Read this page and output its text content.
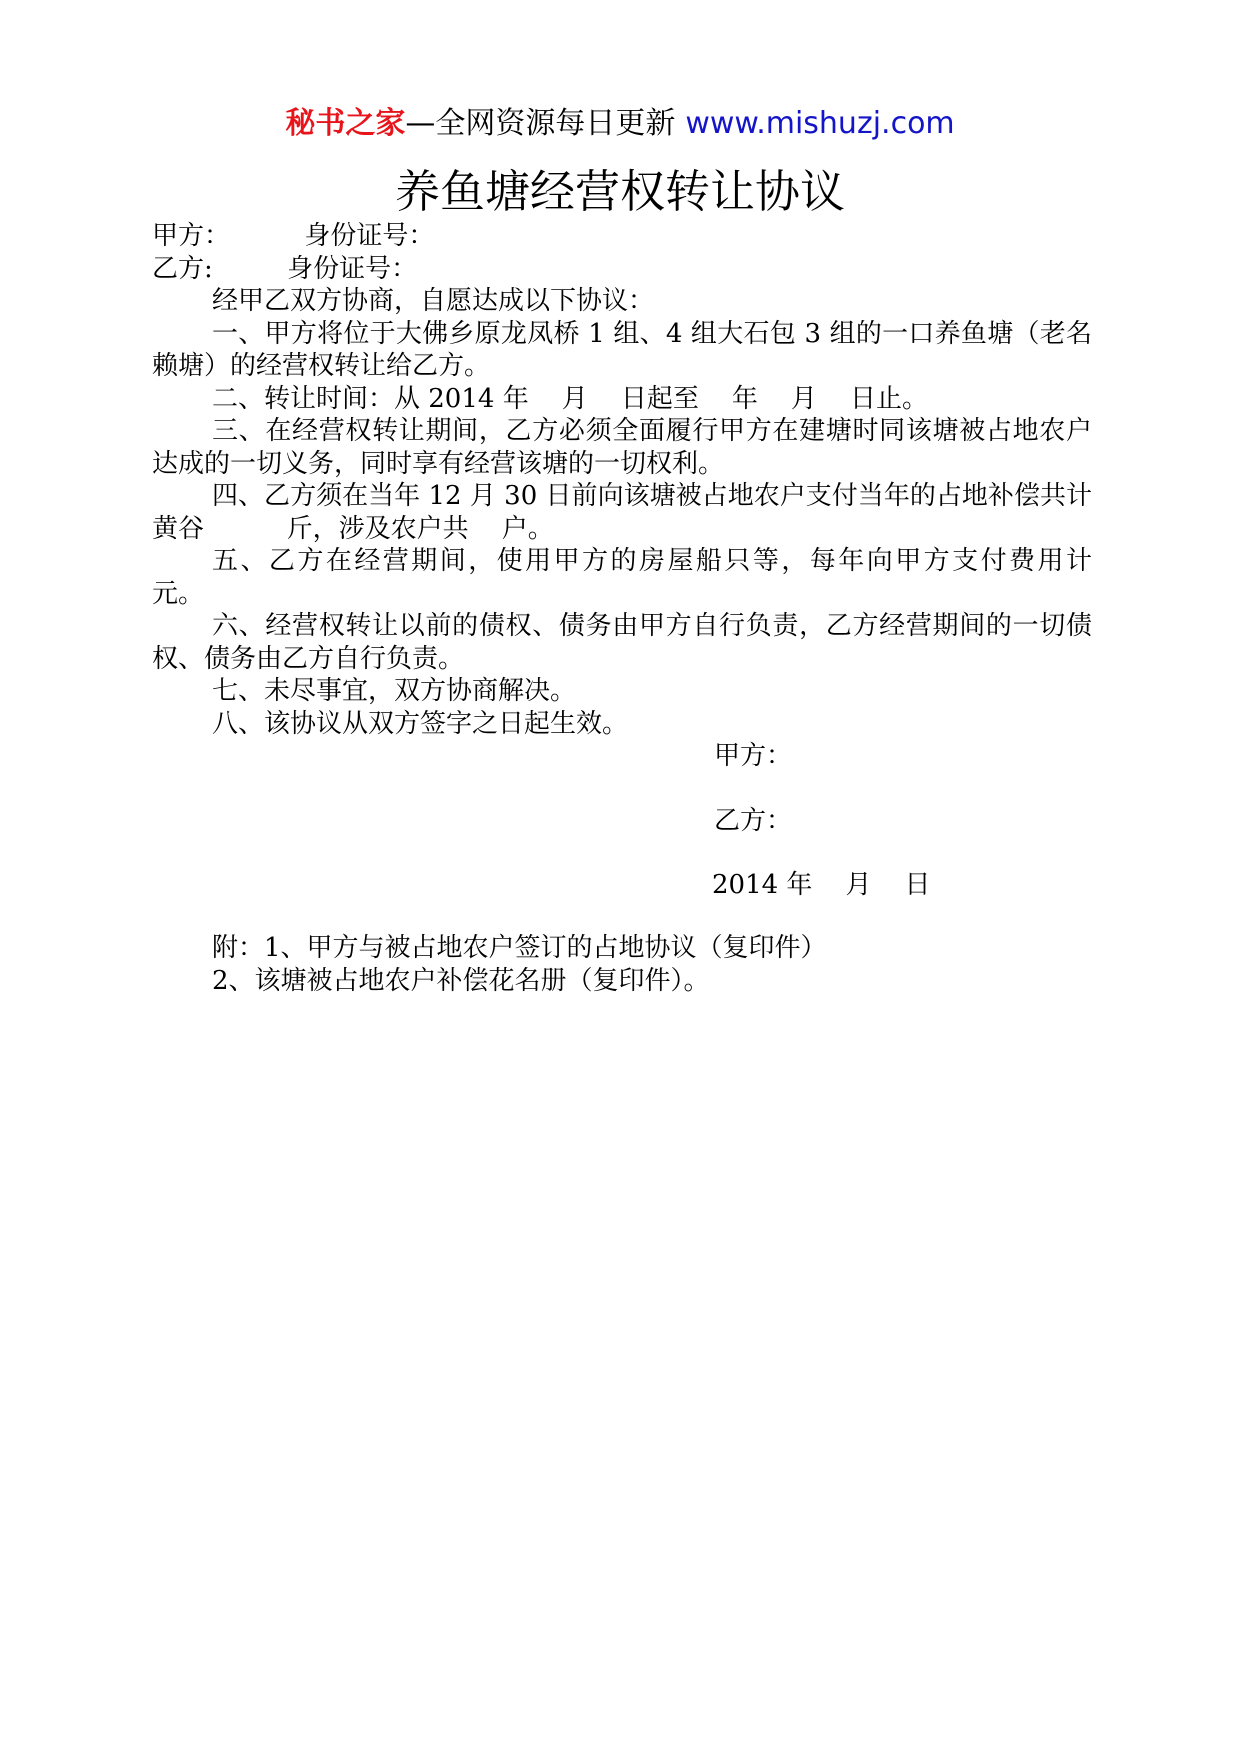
秘书之家—全网资源每日更新 www.mishuzj.com
养鱼塘经营权转让协议
甲方：         身份证号：
乙方:         身份证号：
经甲乙双方协商，自愿达成以下协议：
一、甲方将位于大佛乡原龙凤桥 1 组、4 组大石包 3 组的一口养鱼塘（老名赖塘）的经营权转让给乙方。
二、转让时间：从 2014 年    月    日起至    年    月    日止。
三、在经营权转让期间，乙方必须全面履行甲方在建塘时同该塘被占地农户达成的一切义务，同时享有经营该塘的一切权利。
四、乙方须在当年 12 月 30 日前向该塘被占地农户支付当年的占地补偿共计黄谷          斤，涉及农户共    户。
五、乙方在经营期间，使用甲方的房屋船只等，每年向甲方支付费用计          元。
六、经营权转让以前的债权、债务由甲方自行负责，乙方经营期间的一切债权、债务由乙方自行负责。
七、未尽事宜，双方协商解决。
八、该协议从双方签字之日起生效。
甲方：
乙方：
2014 年    月    日
附：1、甲方与被占地农户签订的占地协议（复印件）
2、该塘被占地农户补偿花名册（复印件）。
